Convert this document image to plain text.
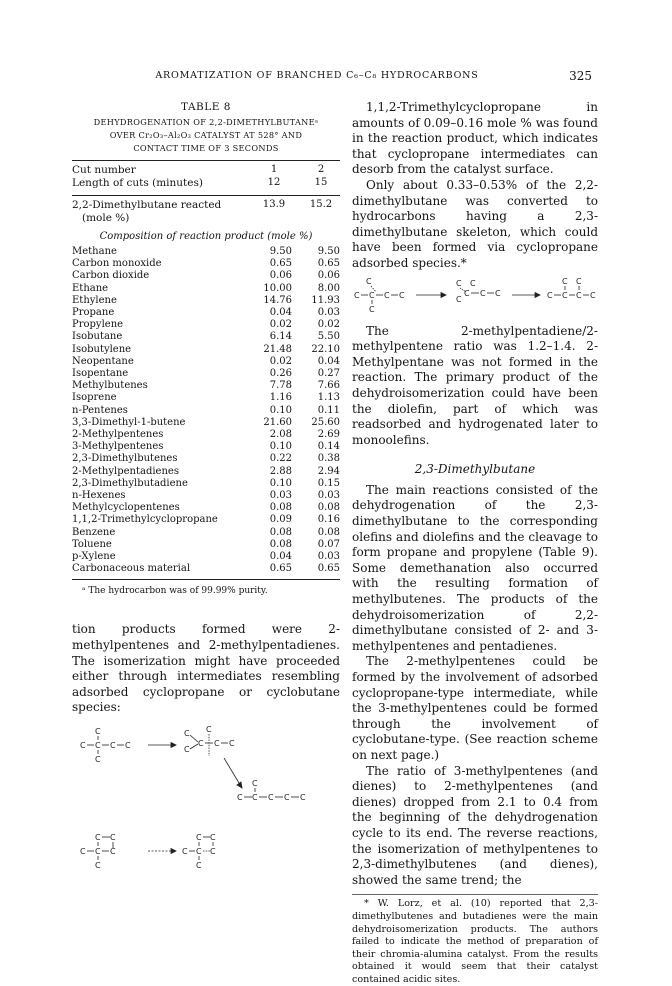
AROMATIZATION OF BRANCHED C₆–C₈ HYDROCARBONS	325
TABLE 8
DEHYDROGENATION OF 2,2-DIMETHYLBUTANEᵃ
OVER Cr₂O₃–Al₂O₃ CATALYST AT 528° AND
CONTACT TIME OF 3 SECONDS
Cut number	1	2
Length of cuts (minutes)	12	15
2,2-Dimethylbutane reacted
(mole %)
13.9	15.2
Composition of reaction product (mole %)
Methane	9.50	9.50
Carbon monoxide	0.65	0.65
Carbon dioxide	0.06	0.06
Ethane	10.00	8.00
Ethylene	14.76	11.93
Propane	0.04	0.03
Propylene	0.02	0.02
Isobutane	6.14	5.50
Isobutylene	21.48	22.10
Neopentane	0.02	0.04
Isopentane	0.26	0.27
Methylbutenes	7.78	7.66
Isoprene	1.16	1.13
n-Pentenes	0.10	0.11
3,3-Dimethyl-1-butene	21.60	25.60
2-Methylpentenes	2.08	2.69
3-Methylpentenes	0.10	0.14
2,3-Dimethylbutenes	0.22	0.38
2-Methylpentadienes	2.88	2.94
2,3-Dimethylbutadiene	0.10	0.15
n-Hexenes	0.03	0.03
Methylcyclopentenes	0.08	0.08
1,1,2-Trimethylcyclopropane	0.09	0.16
Benzene	0.08	0.08
Toluene	0.08	0.07
p-Xylene	0.04	0.03
Carbonaceous material	0.65	0.65
ᵃ The hydrocarbon was of 99.99% purity.

tion products formed were 2-methylpentenes and 2-methylpentadienes. The isomerization might have proceeded either through intermediates resembling adsorbed cyclopropane or cyclobutane species:

C C C C
C
C
C
C
C
C
C C
C
C C C C C
C C
C C C
C
C C
C C C
C

1,1,2-Trimethylcyclopropane in amounts of 0.09–0.16 mole % was found in the reaction product, which indicates that cyclopropane intermediates can desorb from the catalyst surface.

Only about 0.33–0.53% of the 2,2-dimethylbutane was converted to hydrocarbons having a 2,3-dimethylbutane skeleton, which could have been formed via cyclopropane adsorbed species.*

C
C C C C
C
C C
C
C
C C
C C
C C C C

The 2-methylpentadiene/2-methylpentene ratio was 1.2–1.4. 2-Methylpentane was not formed in the reaction. The primary product of the dehydroisomerization could have been the diolefin, part of which was readsorbed and hydrogenated later to monoolefins.

2,3-Dimethylbutane

The main reactions consisted of the dehydrogenation of the 2,3-dimethylbutane to the corresponding olefins and diolefins and the cleavage to form propane and propylene (Table 9). Some demethanation also occurred with the resulting formation of methylbutenes. The products of the dehydroisomerization of 2,2-dimethylbutane consisted of 2- and 3-methylpentenes and pentadienes.

The 2-methylpentenes could be formed by the involvement of adsorbed cyclopropane-type intermediate, while the 3-methylpentenes could be formed through the involvement of cyclobutane-type. (See reaction scheme on next page.)

The ratio of 3-methylpentenes (and dienes) to 2-methylpentenes (and dienes) dropped from 2.1 to 0.4 from the beginning of the dehydrogenation cycle to its end. The reverse reactions, the isomerization of methylpentenes to 2,3-dimethylbutenes (and dienes), showed the same trend; the

* W. Lorz, et al. (10) reported that 2,3-dimethylbutenes and butadienes were the main dehydroisomerization products. The authors failed to indicate the method of preparation of their chromia-alumina catalyst. From the results obtained it would seem that their catalyst contained acidic sites.
